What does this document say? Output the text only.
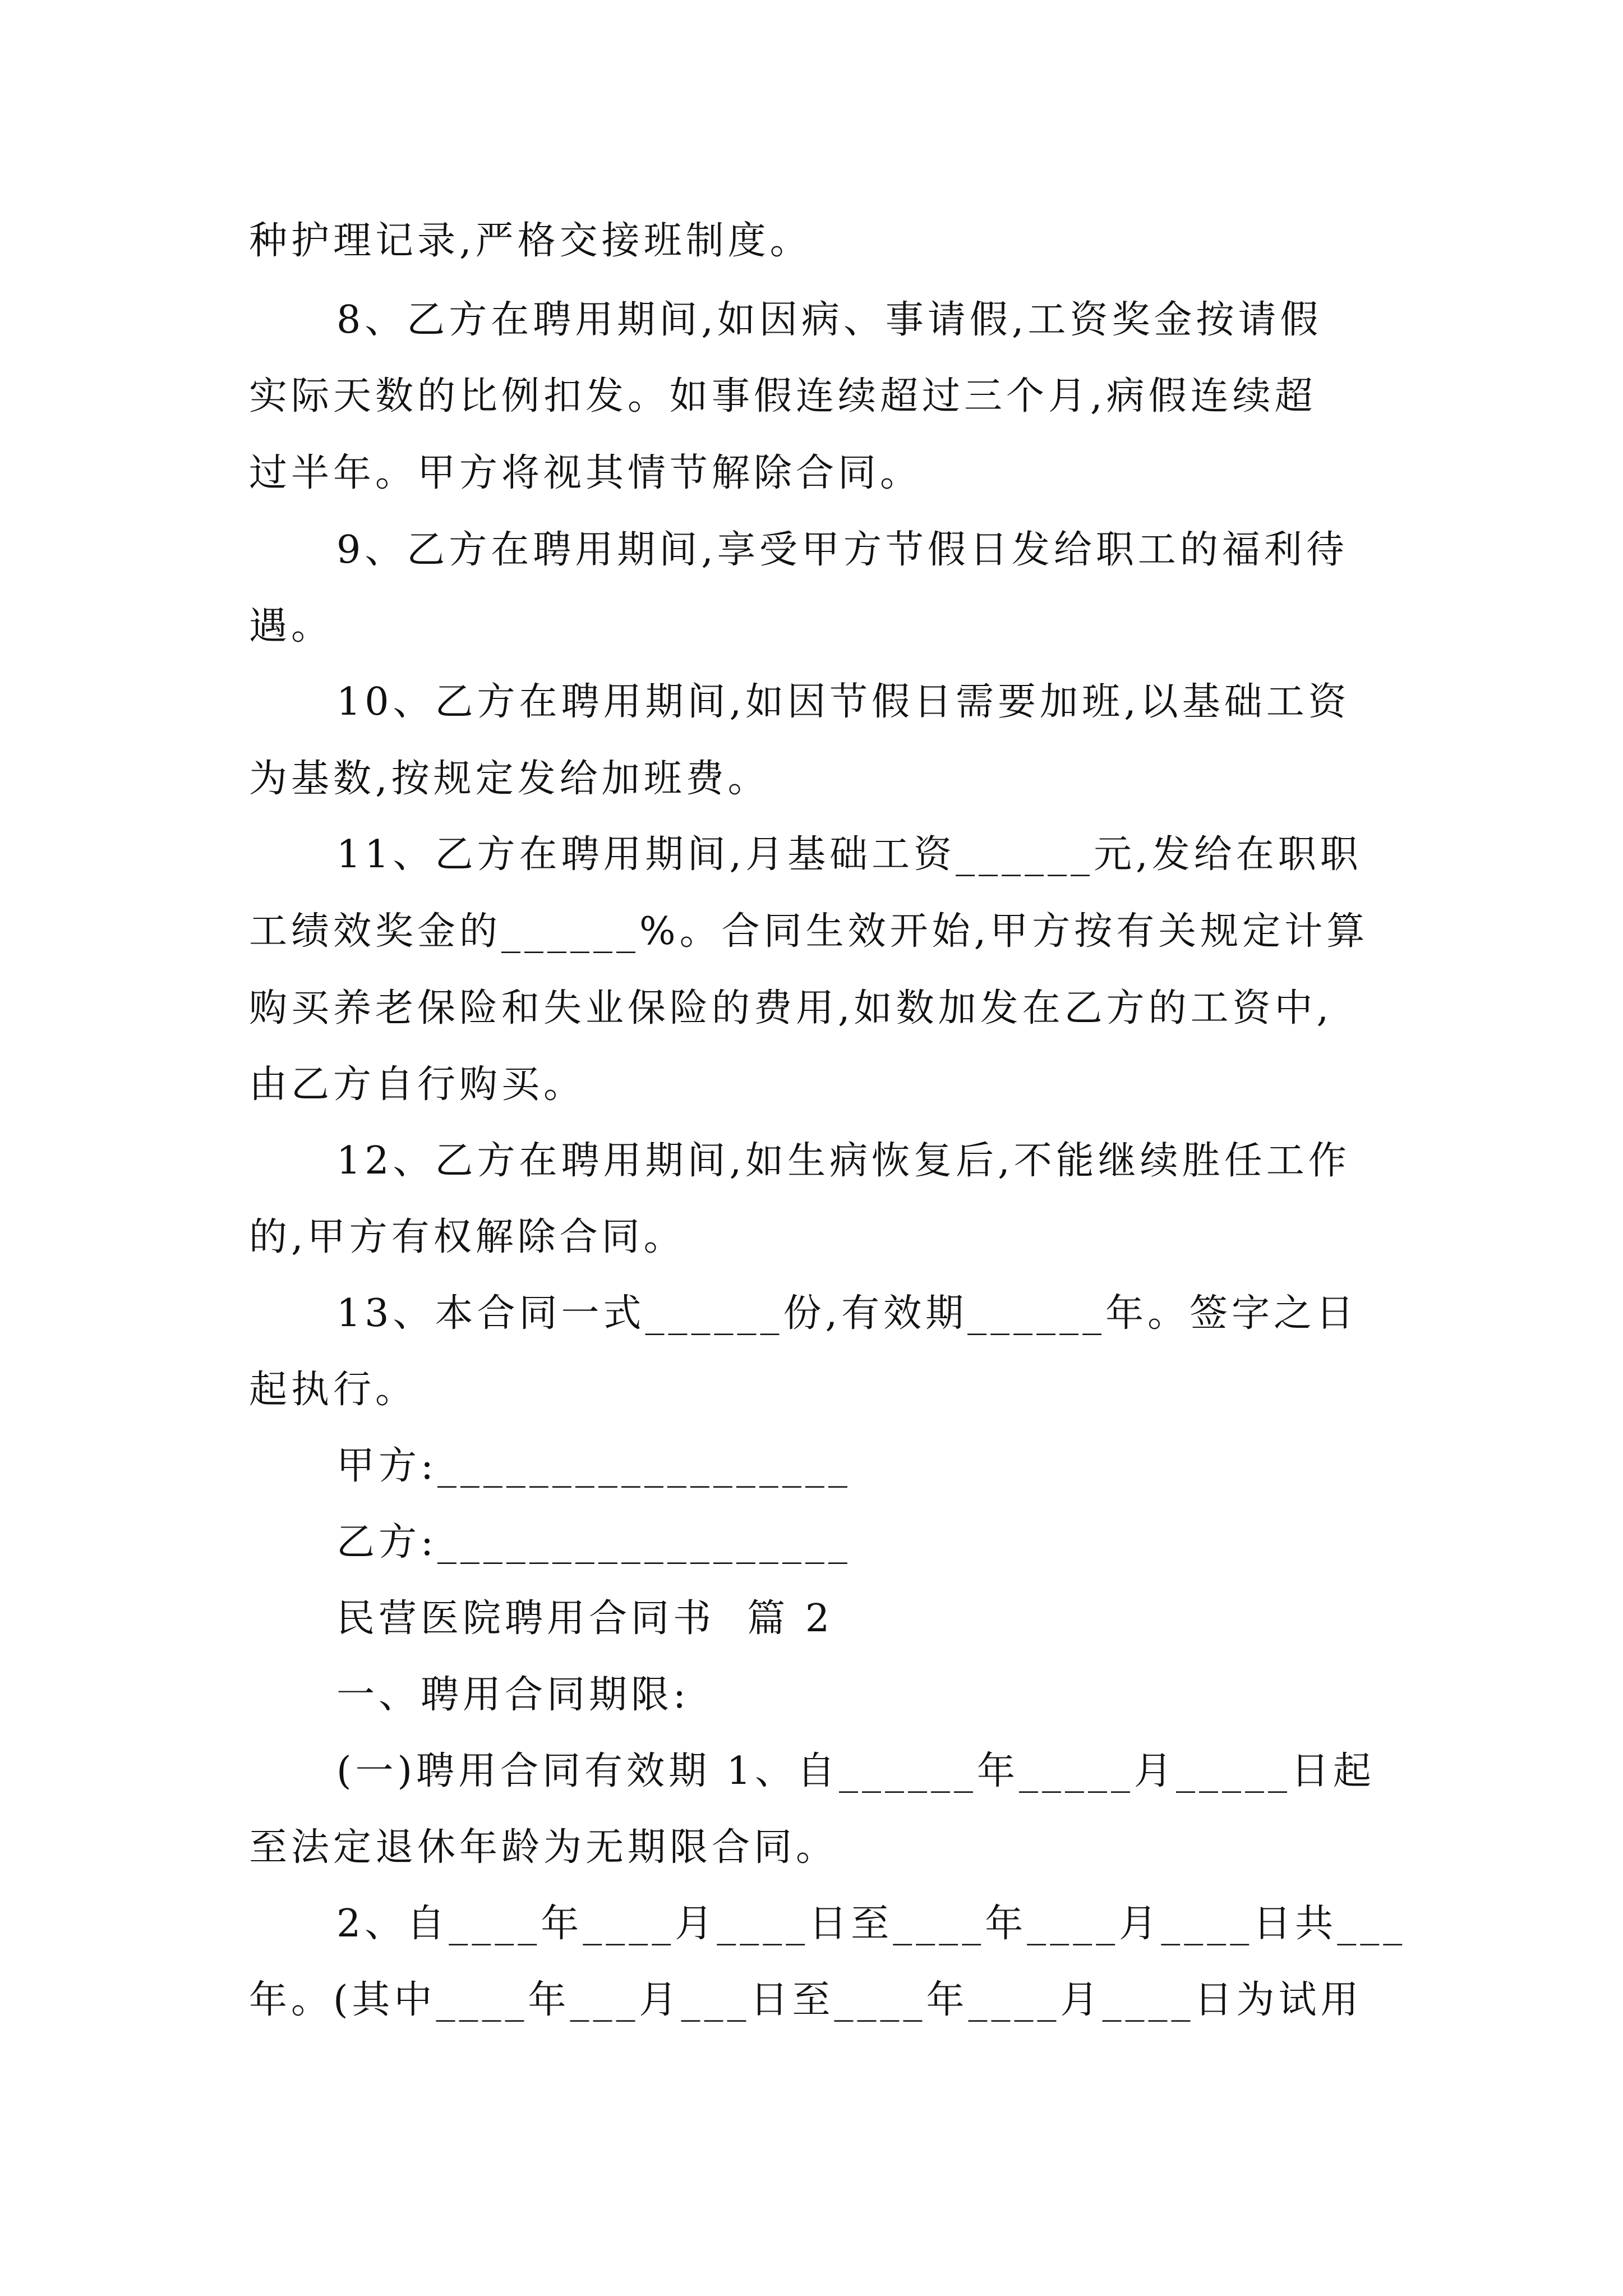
种护理记录,严格交接班制度。
8、乙方在聘用期间,如因病、事请假,工资奖金按请假
实际天数的比例扣发。如事假连续超过三个月,病假连续超
过半年。甲方将视其情节解除合同。
9、乙方在聘用期间,享受甲方节假日发给职工的福利待
遇。
10、乙方在聘用期间,如因节假日需要加班,以基础工资
为基数,按规定发给加班费。
11、乙方在聘用期间,月基础工资______元,发给在职职
工绩效奖金的______%。合同生效开始,甲方按有关规定计算
购买养老保险和失业保险的费用,如数加发在乙方的工资中,
由乙方自行购买。
12、乙方在聘用期间,如生病恢复后,不能继续胜任工作
的,甲方有权解除合同。
13、本合同一式______份,有效期______年。签字之日
起执行。
甲方:__________________
乙方:__________________
民营医院聘用合同书  篇 2
一、聘用合同期限:
(一)聘用合同有效期 1、自______年_____月_____日起
至法定退休年龄为无期限合同。
2、自____年____月____日至____年____月____日共___
年。(其中____年___月___日至____年____月____日为试用
